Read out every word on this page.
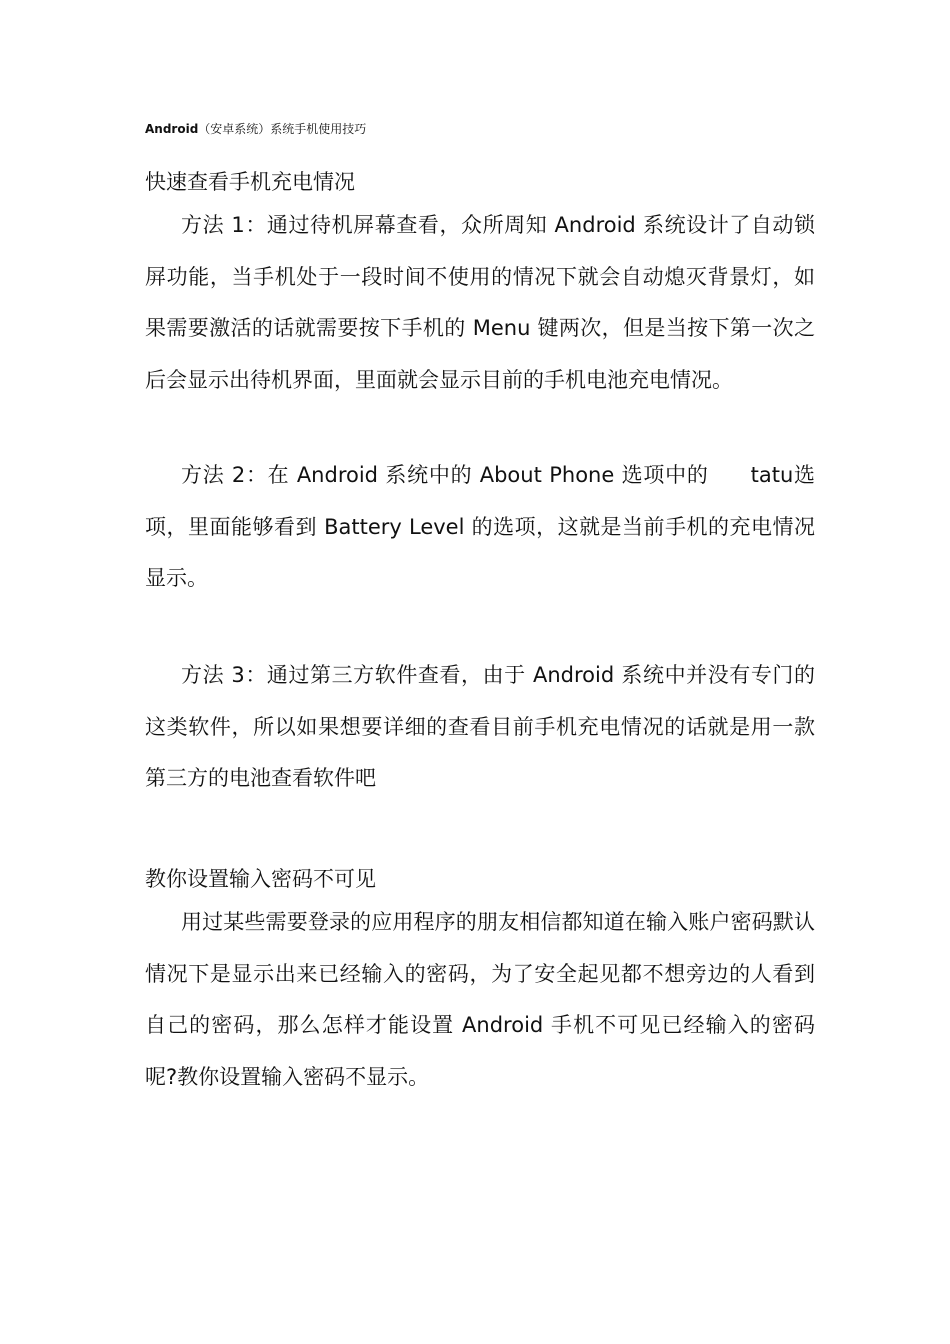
Android（安卓系统）系统手机使用技巧
快速查看手机充电情况

方法 1：通过待机屏幕查看，众所周知 Android 系统设计了自动锁屏功能，当手机处于一段时间不使用的情况下就会自动熄灭背景灯，如果需要激活的话就需要按下手机的 Menu 键两次，但是当按下第一次之后会显示出待机界面，里面就会显示目前的手机电池充电情况。

方法 2：在 Android 系统中的 About Phone 选项中的 tatu选项，里面能够看到 Battery Level 的选项，这就是当前手机的充电情况显示。

方法 3：通过第三方软件查看，由于 Android 系统中并没有专门的这类软件，所以如果想要详细的查看目前手机充电情况的话就是用一款第三方的电池查看软件吧

教你设置输入密码不可见

用过某些需要登录的应用程序的朋友相信都知道在输入账户密码默认情况下是显示出来已经输入的密码，为了安全起见都不想旁边的人看到自己的密码，那么怎样才能设置 Android 手机不可见已经输入的密码呢?教你设置输入密码不显示。
